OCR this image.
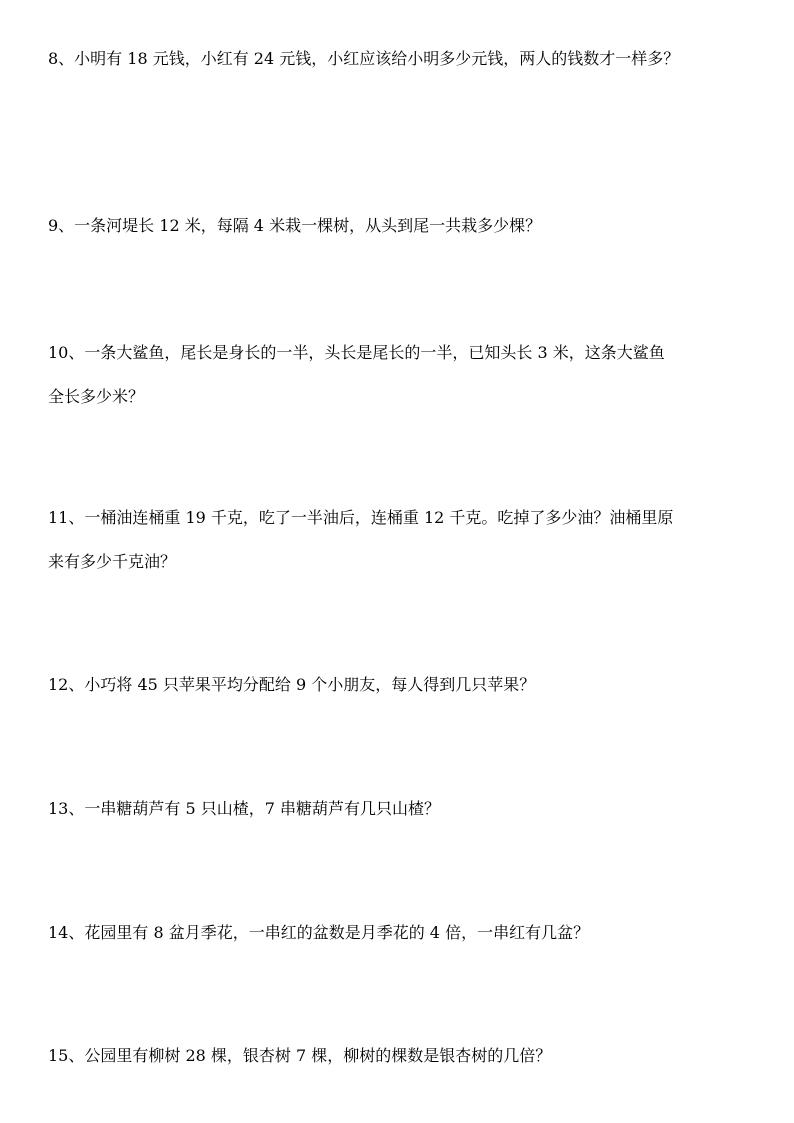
8、小明有 18 元钱，小红有 24 元钱，小红应该给小明多少元钱，两人的钱数才一样多？
9、一条河堤长 12 米，每隔 4 米栽一棵树，从头到尾一共栽多少棵？
10、一条大鲨鱼，尾长是身长的一半，头长是尾长的一半，已知头长 3 米，这条大鲨鱼
全长多少米？
11、一桶油连桶重 19 千克，吃了一半油后，连桶重 12 千克。吃掉了多少油？油桶里原
来有多少千克油？
12、小巧将 45 只苹果平均分配给 9 个小朋友，每人得到几只苹果？
13、一串糖葫芦有 5 只山楂，7 串糖葫芦有几只山楂？
14、花园里有 8 盆月季花，一串红的盆数是月季花的 4 倍，一串红有几盆？
15、公园里有柳树 28 棵，银杏树 7 棵，柳树的棵数是银杏树的几倍？
